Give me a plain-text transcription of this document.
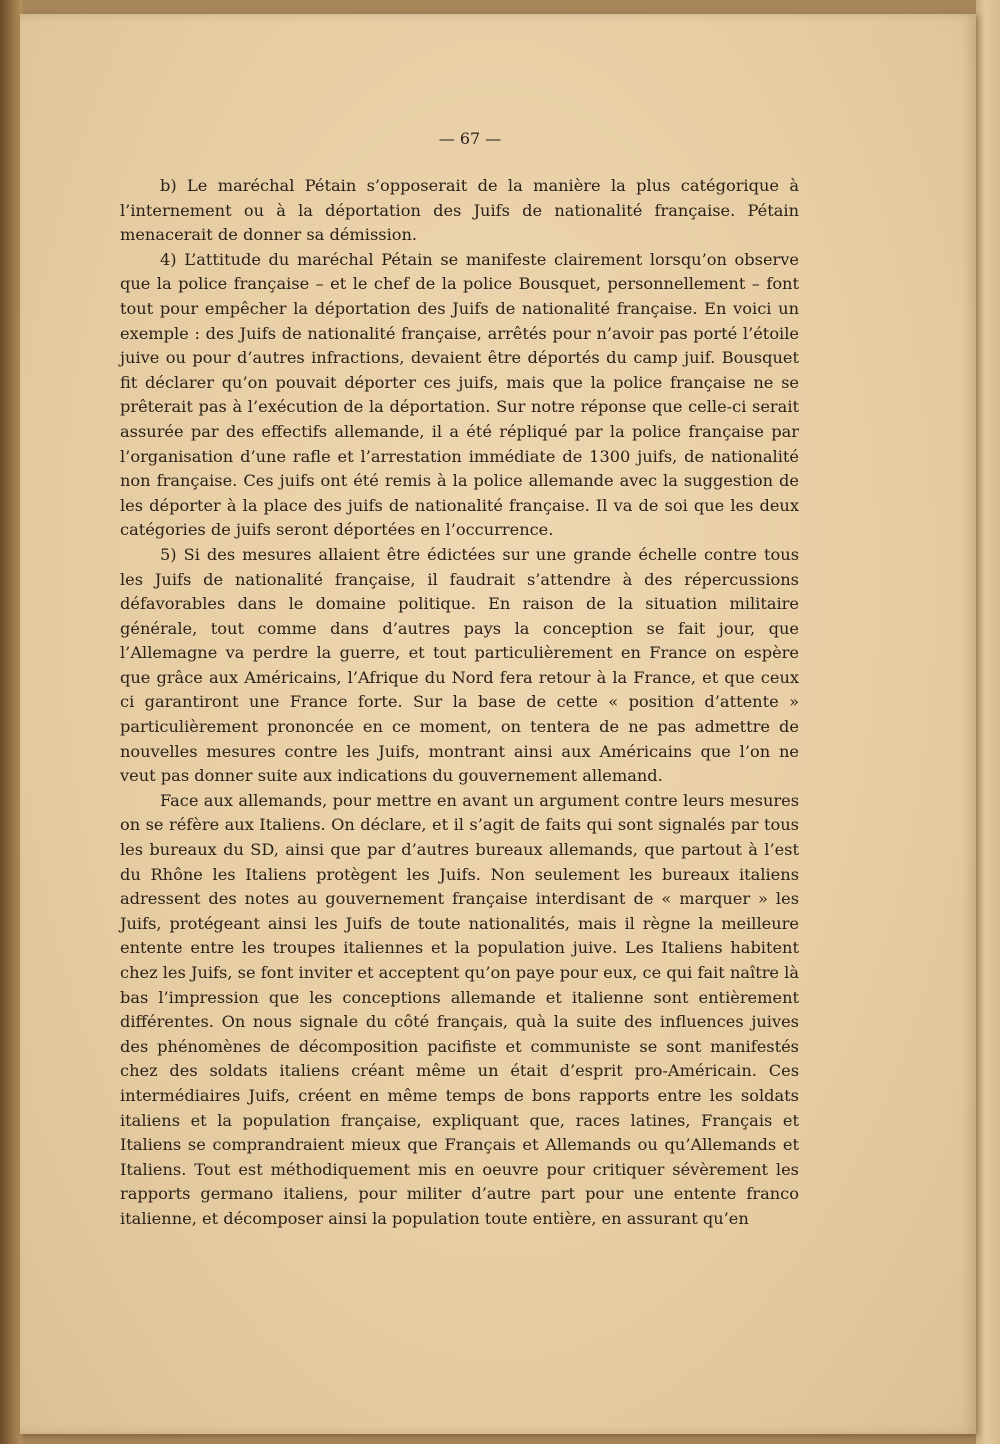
— 67 —

b) Le maréchal Pétain s’opposerait de la manière la plus catégorique à l’internement ou à la déportation des Juifs de nationalité française. Pétain menacerait de donner sa démission.

4) L’attitude du maréchal Pétain se manifeste clairement lorsqu’on observe que la police française – et le chef de la police Bousquet, personnellement – font tout pour empêcher la déportation des Juifs de nationalité française. En voici un exemple : des Juifs de nationalité française, arrêtés pour n’avoir pas porté l’étoile juive ou pour d’autres infractions, devaient être déportés du camp juif. Bousquet fit déclarer qu’on pouvait déporter ces juifs, mais que la police française ne se prêterait pas à l’exécution de la déportation. Sur notre réponse que celle-ci serait assurée par des effectifs allemande, il a été répliqué par la police française par l’organisation d’une rafle et l’arrestation immédiate de 1300 juifs, de nationalité non française. Ces juifs ont été remis à la police allemande avec la suggestion de les déporter à la place des juifs de nationalité française. Il va de soi que les deux catégories de juifs seront déportées en l’occurrence.

5) Si des mesures allaient être édictées sur une grande échelle contre tous les Juifs de nationalité française, il faudrait s’attendre à des répercussions défavorables dans le domaine politique. En raison de la situation militaire générale, tout comme dans d’autres pays la conception se fait jour, que l’Allemagne va perdre la guerre, et tout particulièrement en France on espère que grâce aux Américains, l’Afrique du Nord fera retour à la France, et que ceux ci garantiront une France forte. Sur la base de cette « position d’attente » particulièrement prononcée en ce moment, on tentera de ne pas admettre de nouvelles mesures contre les Juifs, montrant ainsi aux Américains que l’on ne veut pas donner suite aux indications du gouvernement allemand.

Face aux allemands, pour mettre en avant un argument contre leurs mesures on se réfère aux Italiens. On déclare, et il s’agit de faits qui sont signalés par tous les bureaux du SD, ainsi que par d’autres bureaux allemands, que partout à l’est du Rhône les Italiens protègent les Juifs. Non seulement les bureaux italiens adressent des notes au gouvernement française interdisant de « marquer » les Juifs, protégeant ainsi les Juifs de toute nationalités, mais il règne la meilleure entente entre les troupes italiennes et la population juive. Les Italiens habitent chez les Juifs, se font inviter et acceptent qu’on paye pour eux, ce qui fait naître là bas l’impression que les conceptions allemande et italienne sont entièrement différentes. On nous signale du côté français, quà la suite des influences juives des phénomènes de décomposition pacifiste et communiste se sont manifestés chez des soldats italiens créant même un était d’esprit pro-Américain. Ces intermédiaires Juifs, créent en même temps de bons rapports entre les soldats italiens et la population française, expliquant que, races latines, Français et Italiens se comprandraient mieux que Français et Allemands ou qu’Allemands et Italiens. Tout est méthodiquement mis en oeuvre pour critiquer sévèrement les rapports germano italiens, pour militer d’autre part pour une entente franco italienne, et décomposer ainsi la population toute entière, en assurant qu’en
